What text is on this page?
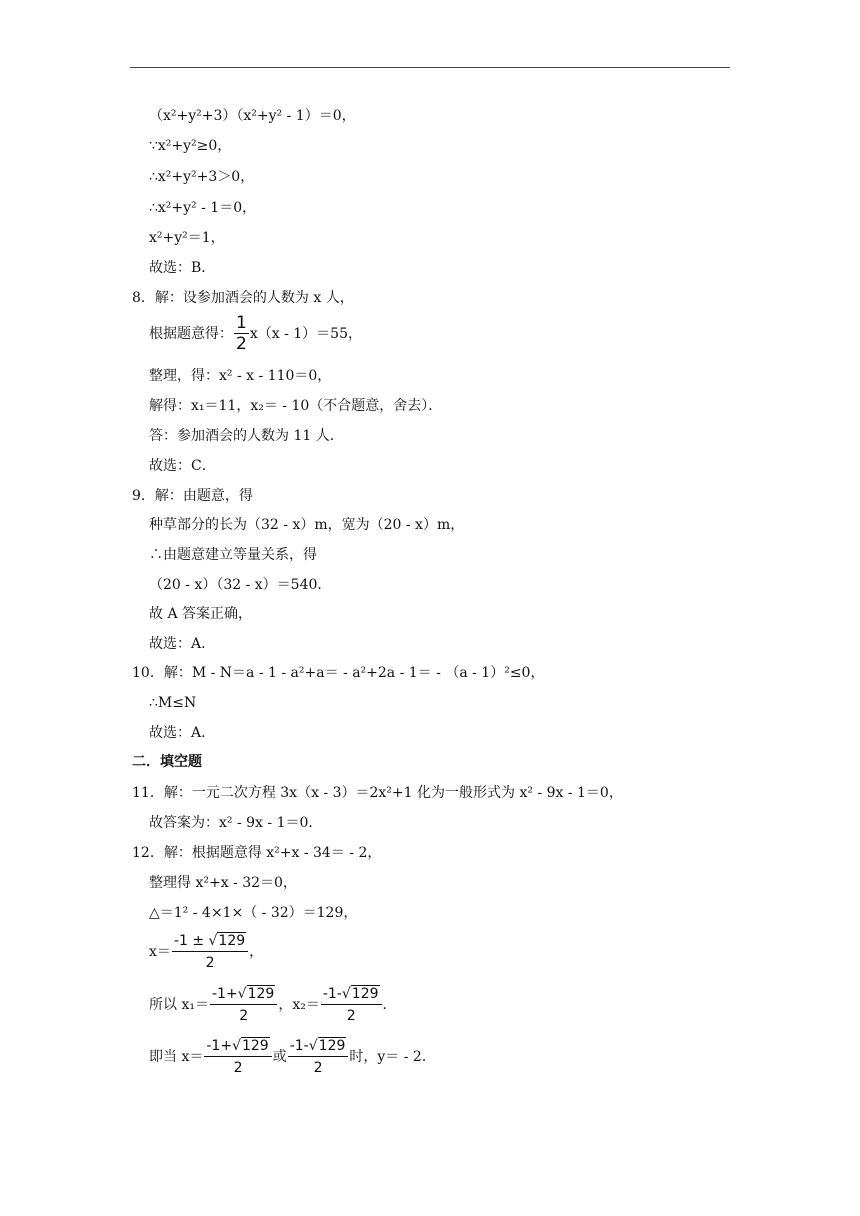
（x²+y²+3）（x²+y² - 1）＝0，
∵x²+y²≥0，
∴x²+y²+3＞0，
∴x²+y² - 1＝0，
x²+y²＝1，
故选：B．
8．解：设参加酒会的人数为 x 人，
根据题意得： $\frac{1}{2} x(x - 1)=55$，
整理，得：x² - x - 110＝0，
解得：x₁＝11，x₂＝ - 10（不合题意，舍去）．
答：参加酒会的人数为 11 人．
故选：C．
9．解：由题意，得
种草部分的长为（32 - x）m，宽为（20 - x）m，
∴由题意建立等量关系，得
（20 - x）（32 - x）＝540．
故 A 答案正确，
故选：A．
10．解：M - N＝a - 1 - a²+a＝ - a²+2a - 1＝ - （a - 1）²≤0，
∴M≤N
故选：A．
二．填空题
11．解：一元二次方程 3x（x - 3）＝2x²+1 化为一般形式为 x² - 9x - 1＝0，
故答案为：x² - 9x - 1＝0．
12．解：根据题意得 x²+x - 34＝ - 2，
整理得 x²+x - 32＝0，
△＝1² - 4×1×（ - 32）＝129，
$x= \frac{-1 \pm √129}{2}$ ，
所以 $x_1= \frac{-1+√129}{2}$ ，$x_2= \frac{-1-√129}{2}$ ．
即当 $x= \frac{-1+√129}{2}$ 或 $\frac{-1-√129}{2}$ 时，y＝ - 2．
